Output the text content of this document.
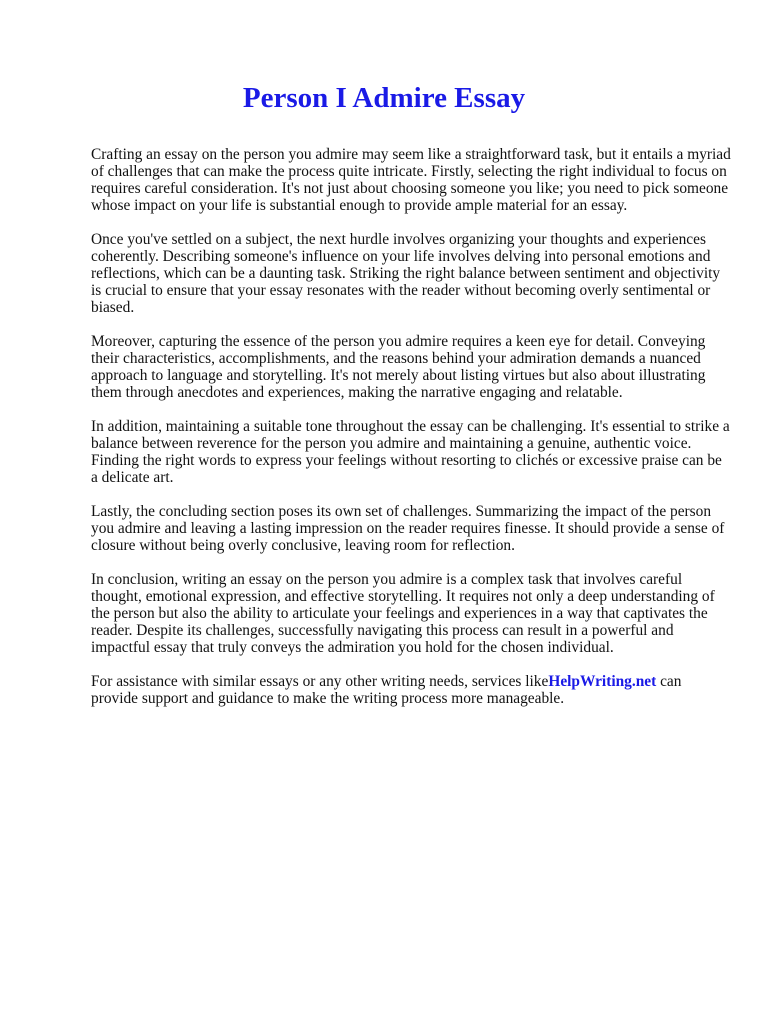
Person I Admire Essay

Crafting an essay on the person you admire may seem like a straightforward task, but it entails a myriad of challenges that can make the process quite intricate. Firstly, selecting the right individual to focus on requires careful consideration. It's not just about choosing someone you like; you need to pick someone whose impact on your life is substantial enough to provide ample material for an essay.

Once you've settled on a subject, the next hurdle involves organizing your thoughts and experiences coherently. Describing someone's influence on your life involves delving into personal emotions and reflections, which can be a daunting task. Striking the right balance between sentiment and objectivity is crucial to ensure that your essay resonates with the reader without becoming overly sentimental or biased.

Moreover, capturing the essence of the person you admire requires a keen eye for detail. Conveying their characteristics, accomplishments, and the reasons behind your admiration demands a nuanced approach to language and storytelling. It's not merely about listing virtues but also about illustrating them through anecdotes and experiences, making the narrative engaging and relatable.

In addition, maintaining a suitable tone throughout the essay can be challenging. It's essential to strike a balance between reverence for the person you admire and maintaining a genuine, authentic voice. Finding the right words to express your feelings without resorting to clichés or excessive praise can be a delicate art.

Lastly, the concluding section poses its own set of challenges. Summarizing the impact of the person you admire and leaving a lasting impression on the reader requires finesse. It should provide a sense of closure without being overly conclusive, leaving room for reflection.

In conclusion, writing an essay on the person you admire is a complex task that involves careful thought, emotional expression, and effective storytelling. It requires not only a deep understanding of the person but also the ability to articulate your feelings and experiences in a way that captivates the reader. Despite its challenges, successfully navigating this process can result in a powerful and impactful essay that truly conveys the admiration you hold for the chosen individual.

For assistance with similar essays or any other writing needs, services likeHelpWriting.net can provide support and guidance to make the writing process more manageable.
